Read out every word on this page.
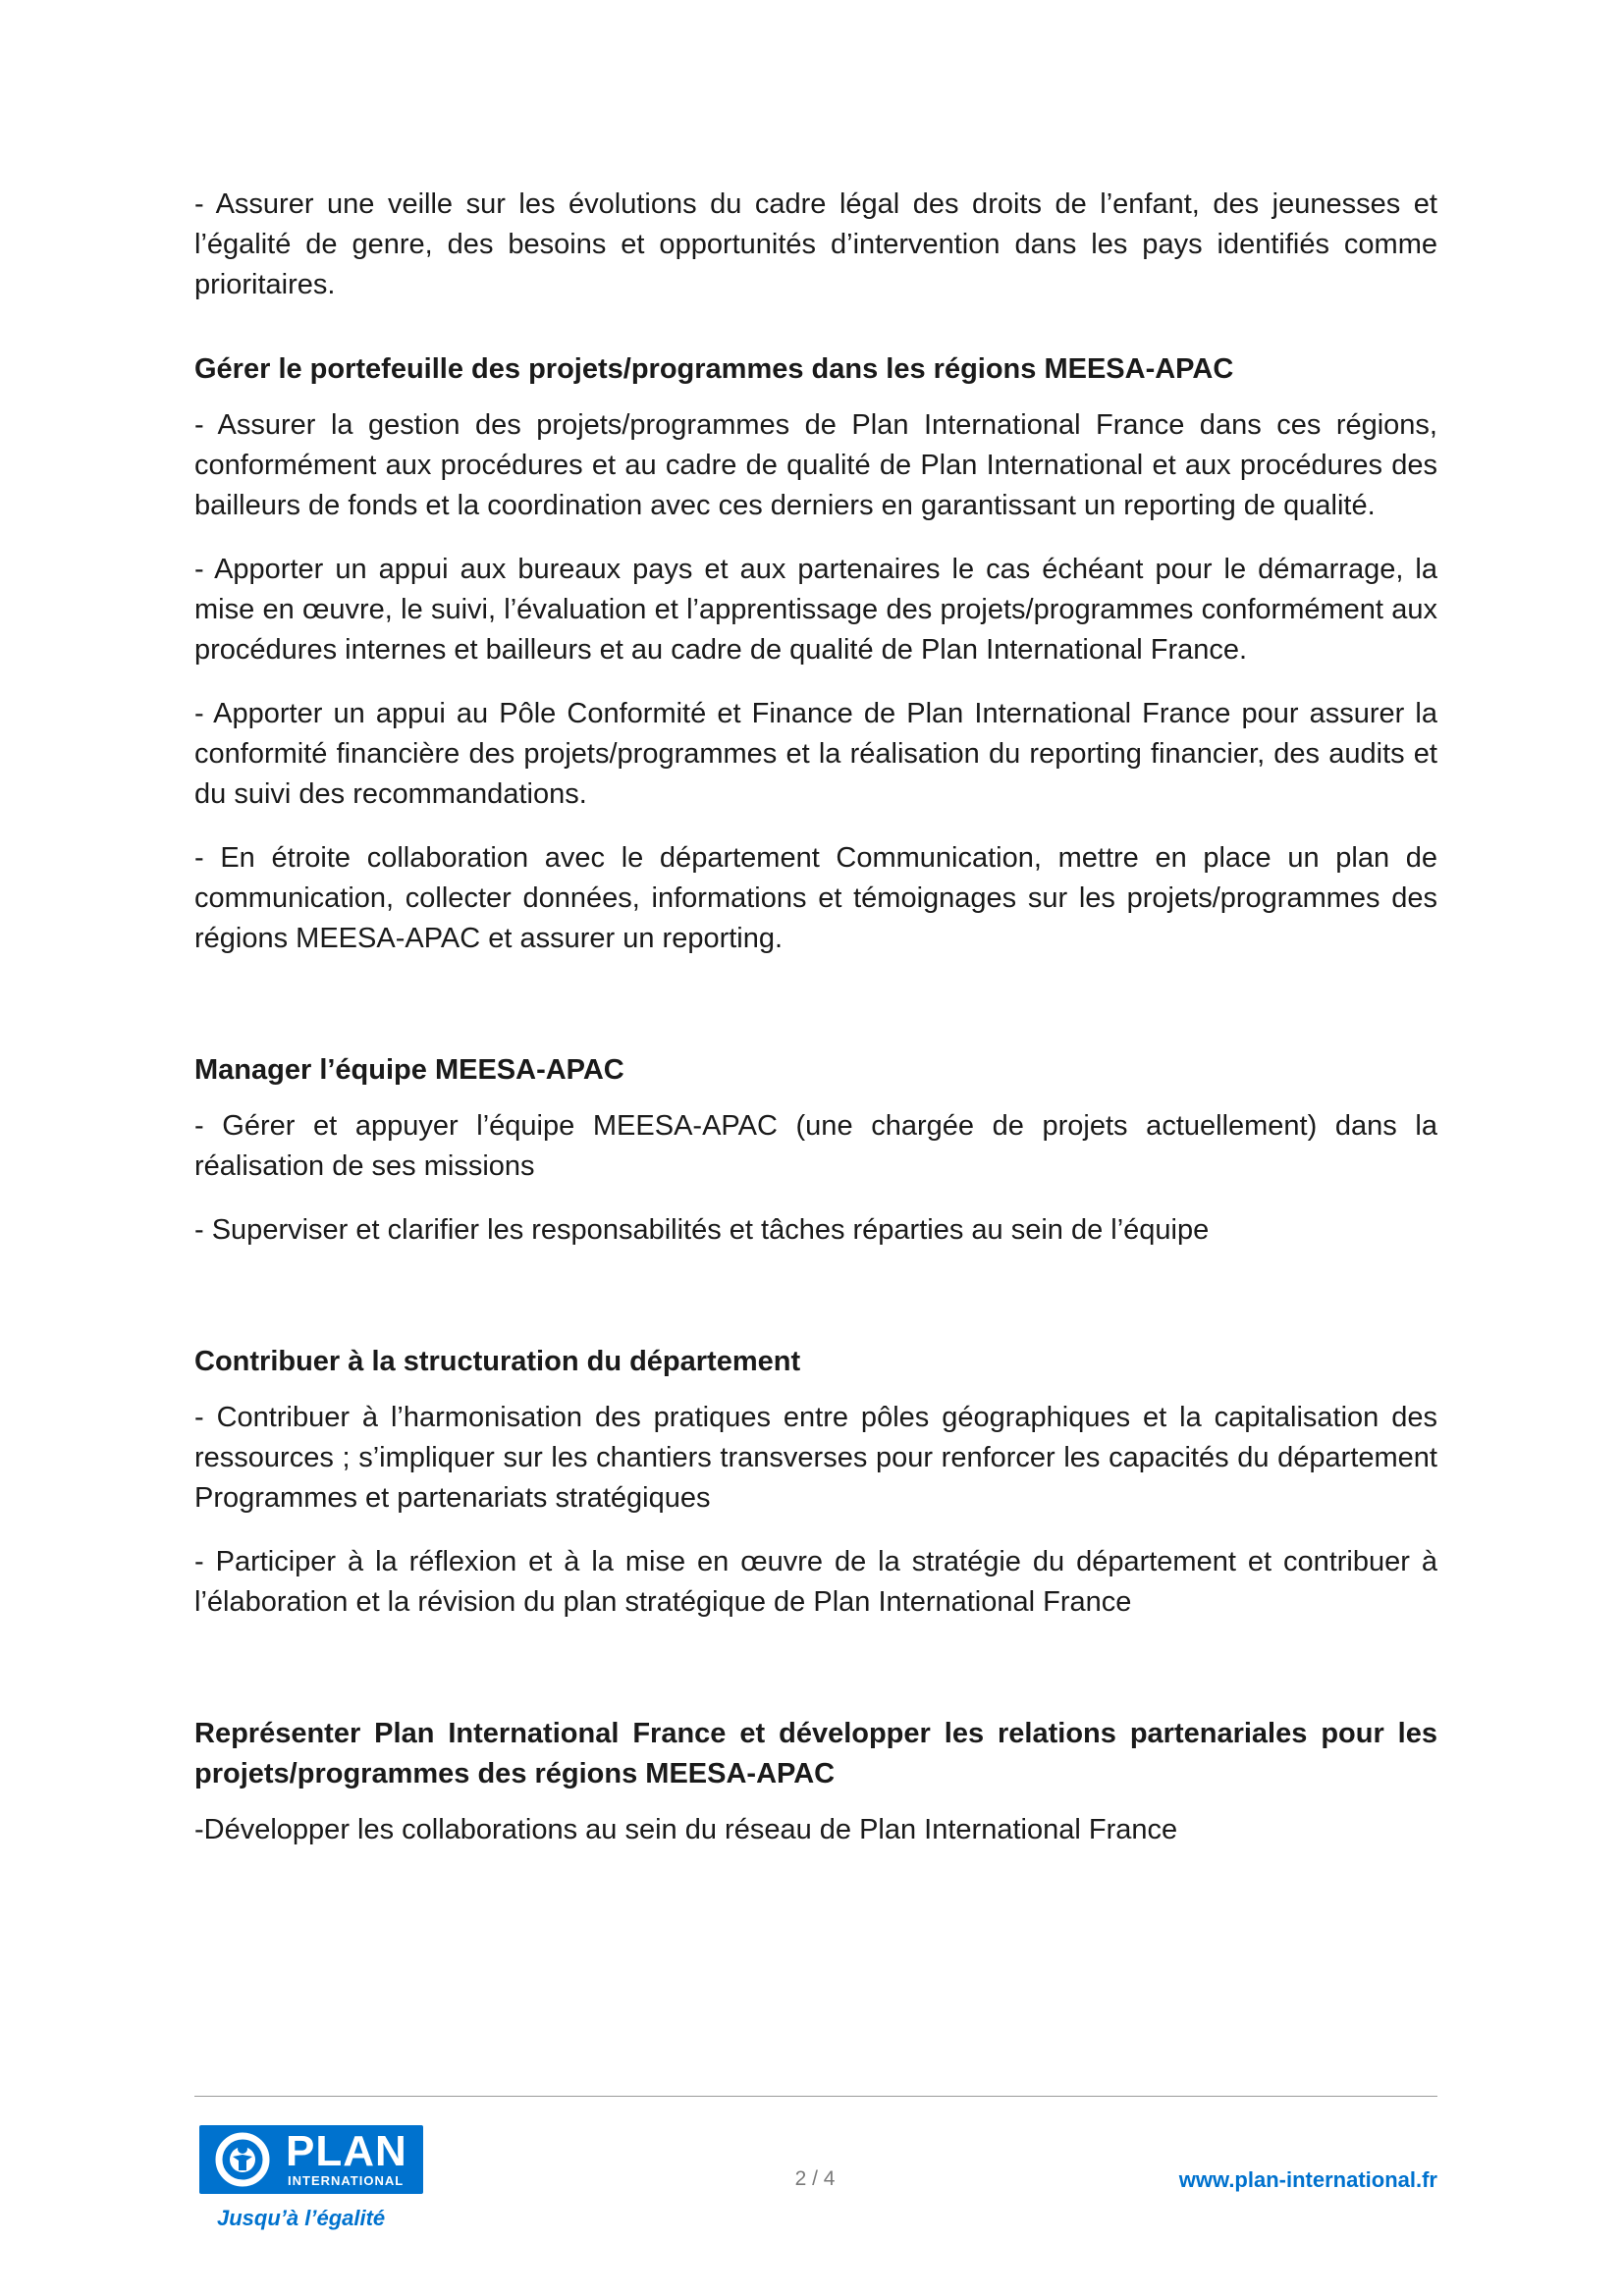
- Assurer une veille sur les évolutions du cadre légal des droits de l’enfant, des jeunesses et l’égalité de genre, des besoins et opportunités d’intervention dans les pays identifiés comme prioritaires.

Gérer le portefeuille des projets/programmes dans les régions MEESA-APAC

- Assurer la gestion des projets/programmes de Plan International France dans ces régions, conformément aux procédures et au cadre de qualité de Plan International et aux procédures des bailleurs de fonds et la coordination avec ces derniers en garantissant un reporting de qualité.

- Apporter un appui aux bureaux pays et aux partenaires le cas échéant pour le démarrage, la mise en œuvre, le suivi, l’évaluation et l’apprentissage des projets/programmes conformément aux procédures internes et bailleurs et au cadre de qualité de Plan International France.

- Apporter un appui au Pôle Conformité et Finance de Plan International France pour assurer la conformité financière des projets/programmes et la réalisation du reporting financier, des audits et du suivi des recommandations.

- En étroite collaboration avec le département Communication, mettre en place un plan de communication, collecter données, informations et témoignages sur les projets/programmes des régions MEESA-APAC et assurer un reporting.

Manager l’équipe MEESA-APAC

- Gérer et appuyer l’équipe MEESA-APAC (une chargée de projets actuellement) dans la réalisation de ses missions

- Superviser et clarifier les responsabilités et tâches réparties au sein de l’équipe

Contribuer à la structuration du département

- Contribuer à l’harmonisation des pratiques entre pôles géographiques et la capitalisation des ressources ; s’impliquer sur les chantiers transverses pour renforcer les capacités du département Programmes et partenariats stratégiques

- Participer à la réflexion et à la mise en œuvre de la stratégie du département et contribuer à l’élaboration et la révision du plan stratégique de Plan International France

Représenter Plan International France et développer les relations partenariales pour les projets/programmes des régions MEESA-APAC

-Développer les collaborations au sein du réseau de Plan International France

PLAN
INTERNATIONAL
Jusqu’à l’égalité
2 / 4	www.plan-international.fr
